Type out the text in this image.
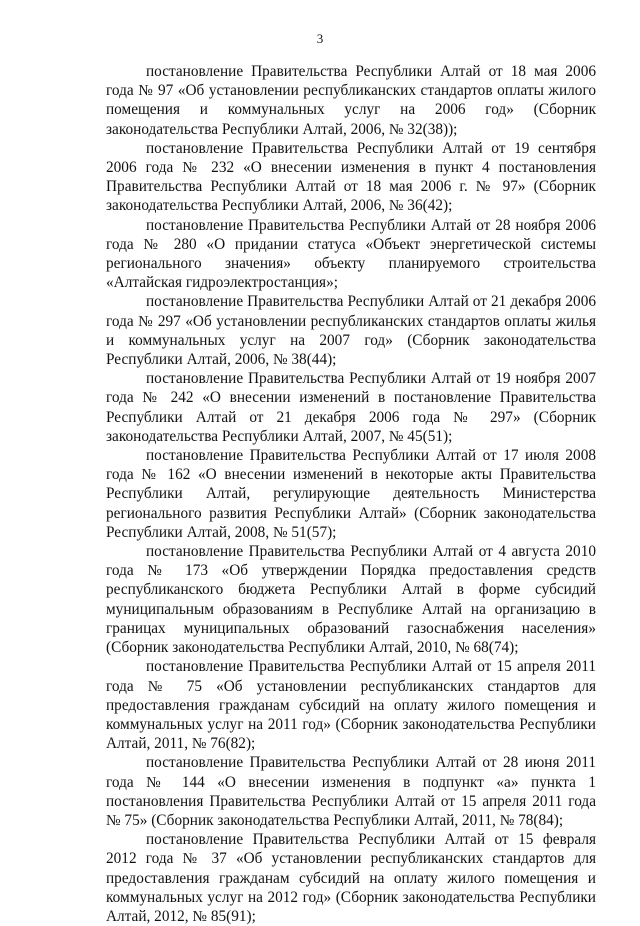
3

постановление Правительства Республики Алтай от 18 мая 2006 года № 97 «Об установлении республиканских стандартов оплаты жилого помещения и коммунальных услуг на 2006 год» (Сборник законодательства Республики Алтай, 2006, № 32(38));

постановление Правительства Республики Алтай от 19 сентября 2006 года № 232 «О внесении изменения в пункт 4 постановления Правительства Республики Алтай от 18 мая 2006 г. № 97» (Сборник законодательства Республики Алтай, 2006, № 36(42);

постановление Правительства Республики Алтай от 28 ноября 2006 года № 280 «О придании статуса «Объект энергетической системы регионального значения» объекту планируемого строительства «Алтайская гидроэлектростанция»;

постановление Правительства Республики Алтай от 21 декабря 2006 года № 297 «Об установлении республиканских стандартов оплаты жилья и коммунальных услуг на 2007 год» (Сборник законодательства Республики Алтай, 2006, № 38(44);

постановление Правительства Республики Алтай от 19 ноября 2007 года № 242 «О внесении изменений в постановление Правительства Республики Алтай от 21 декабря 2006 года № 297» (Сборник законодательства Республики Алтай, 2007, № 45(51);

постановление Правительства Республики Алтай от 17 июля 2008 года № 162 «О внесении изменений в некоторые акты Правительства Республики Алтай, регулирующие деятельность Министерства регионального развития Республики Алтай» (Сборник законодательства Республики Алтай, 2008, № 51(57);

постановление Правительства Республики Алтай от 4 августа 2010 года № 173 «Об утверждении Порядка предоставления средств республиканского бюджета Республики Алтай в форме субсидий муниципальным образованиям в Республике Алтай на организацию в границах муниципальных образований газоснабжения населения» (Сборник законодательства Республики Алтай, 2010, № 68(74);

постановление Правительства Республики Алтай от 15 апреля 2011 года № 75 «Об установлении республиканских стандартов для предоставления гражданам субсидий на оплату жилого помещения и коммунальных услуг на 2011 год» (Сборник законодательства Республики Алтай, 2011, № 76(82);

постановление Правительства Республики Алтай от 28 июня 2011 года № 144 «О внесении изменения в подпункт «а» пункта 1 постановления Правительства Республики Алтай от 15 апреля 2011 года № 75» (Сборник законодательства Республики Алтай, 2011, № 78(84);

постановление Правительства Республики Алтай от 15 февраля 2012 года № 37 «Об установлении республиканских стандартов для предоставления гражданам субсидий на оплату жилого помещения и коммунальных услуг на 2012 год» (Сборник законодательства Республики Алтай, 2012, № 85(91);
